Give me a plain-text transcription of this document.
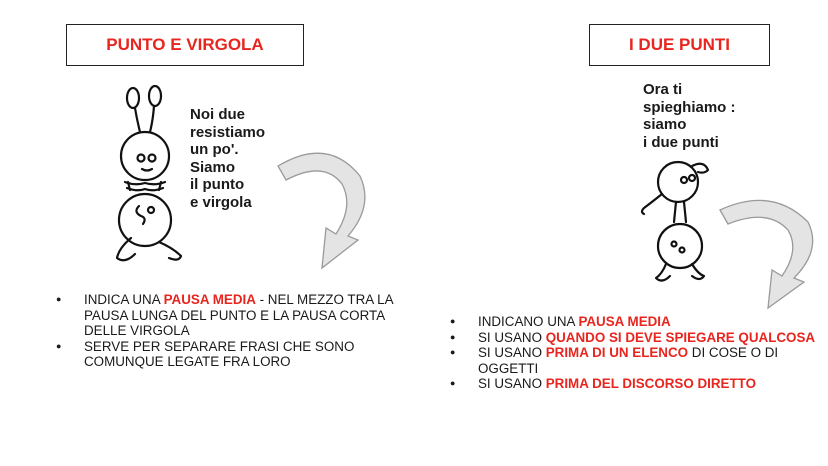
PUNTO E VIRGOLA	I DUE PUNTI
Noi due
resistiamo
un po'.
Siamo
il punto
e virgola
Ora ti
spieghiamo :
siamo
i due punti
● INDICA UNA PAUSA MEDIA - NEL MEZZO TRA LA PAUSA LUNGA DEL PUNTO E LA PAUSA CORTA DELLE VIRGOLA
● SERVE PER SEPARARE FRASI CHE SONO COMUNQUE LEGATE FRA LORO
● INDICANO UNA PAUSA MEDIA
● SI USANO QUANDO SI DEVE SPIEGARE QUALCOSA
● SI USANO PRIMA DI UN ELENCO DI COSE O DI OGGETTI
● SI USANO PRIMA DEL DISCORSO DIRETTO
